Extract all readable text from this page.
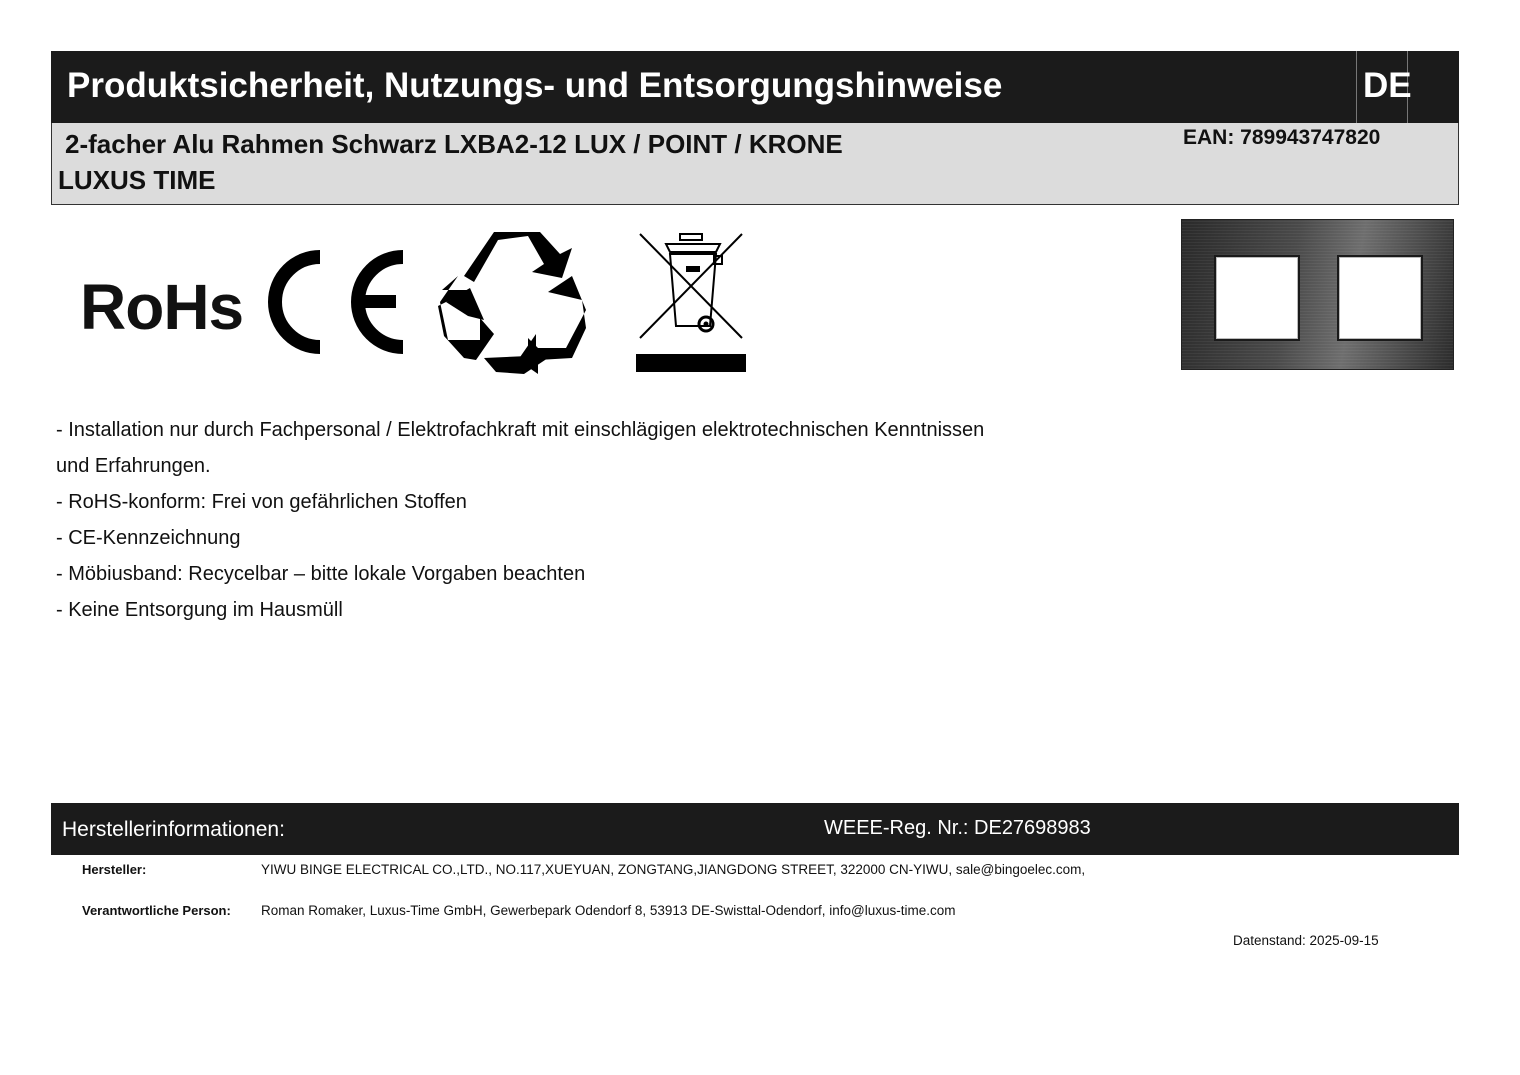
Produktsicherheit, Nutzungs- und Entsorgungshinweise	DE
2-facher Alu Rahmen Schwarz LXBA2-12 LUX / POINT / KRONE
LUXUS TIME
EAN: 789943747820
RoHs
- Installation nur durch Fachpersonal / Elektrofachkraft mit einschlägigen elektrotechnischen Kenntnissen
und Erfahrungen.
- RoHS-konform: Frei von gefährlichen Stoffen
- CE-Kennzeichnung
- Möbiusband: Recycelbar – bitte lokale Vorgaben beachten
- Keine Entsorgung im Hausmüll
Herstellerinformationen:	WEEE-Reg. Nr.: DE27698983
Hersteller:	YIWU BINGE ELECTRICAL CO.,LTD., NO.117,XUEYUAN, ZONGTANG,JIANGDONG STREET, 322000 CN-YIWU, sale@bingoelec.com,
Verantwortliche Person: Roman Romaker, Luxus-Time GmbH, Gewerbepark Odendorf 8, 53913 DE-Swisttal-Odendorf, info@luxus-time.com
Datenstand: 2025-09-15
